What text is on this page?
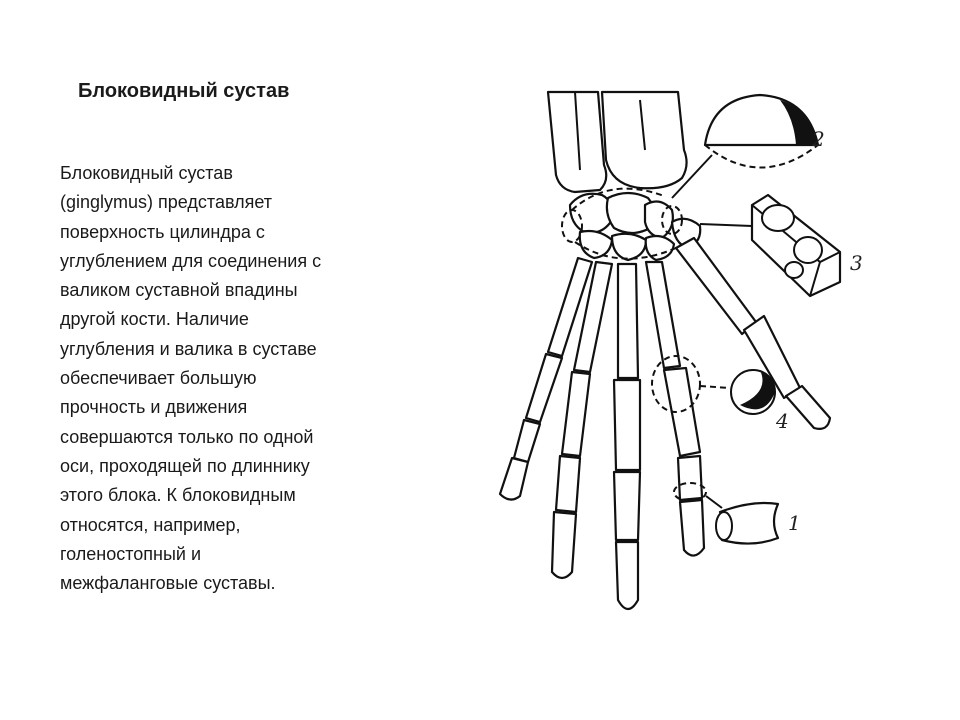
Блоковидный сустав
Блоковидный сустав
(ginglymus) представляет
поверхность цилиндра с
углублением для соединения с
валиком суставной впадины
другой кости. Наличие
углубления и валика в суставе
обеспечивает большую
прочность и движения
совершаются только по одной
оси, проходящей по длиннику
этого блока. К блоковидным
относятся, например,
голеностопный и
межфаланговые суставы.
2
3
4
1
